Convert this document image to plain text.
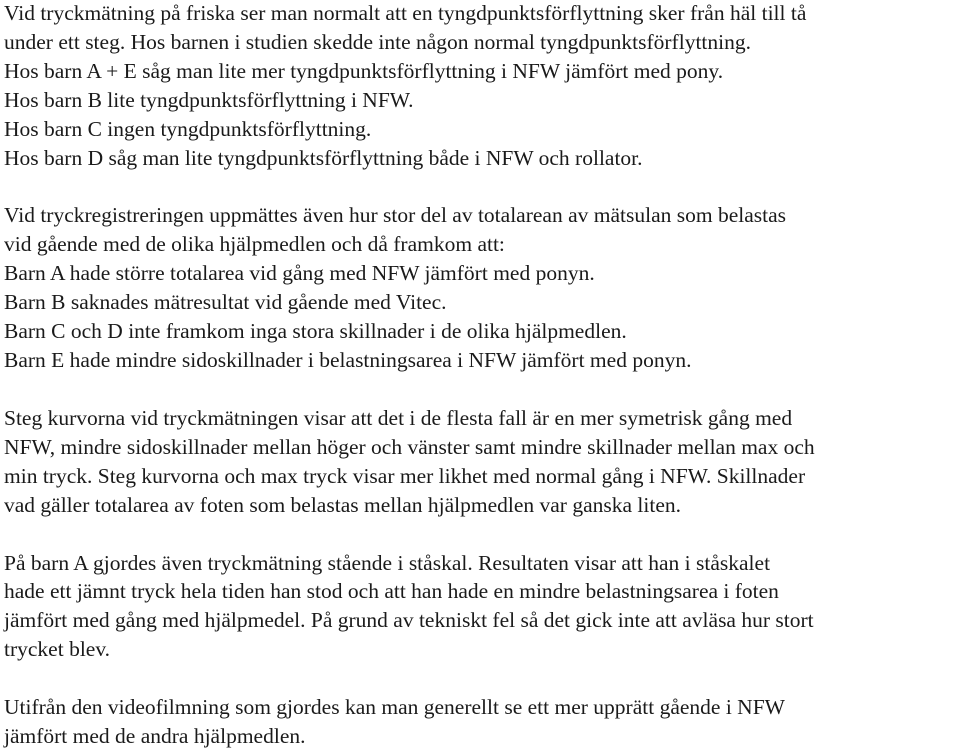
Vid tryckmätning på friska ser man normalt att en tyngdpunktsförflyttning sker från häl till tå
under ett steg. Hos barnen i studien skedde inte någon normal tyngdpunktsförflyttning.
Hos barn A + E såg man lite mer tyngdpunktsförflyttning i NFW jämfört med pony.
Hos barn B lite tyngdpunktsförflyttning i NFW.
Hos barn C ingen tyngdpunktsförflyttning.
Hos barn D såg man lite tyngdpunktsförflyttning både i NFW och rollator.

Vid tryckregistreringen uppmättes även hur stor del av totalarean av mätsulan som belastas
vid gående med de olika hjälpmedlen och då framkom att:
Barn A hade större totalarea vid gång med NFW jämfört med ponyn.
Barn B saknades mätresultat vid gående med Vitec.
Barn C och D inte framkom inga stora skillnader i de olika hjälpmedlen.
Barn E hade mindre sidoskillnader i belastningsarea i NFW jämfört med ponyn.

Steg kurvorna vid tryckmätningen visar att det i de flesta fall är en mer symetrisk gång med
NFW, mindre sidoskillnader mellan höger och vänster samt mindre skillnader mellan max och
min tryck. Steg kurvorna och max tryck visar mer likhet med normal gång i NFW. Skillnader
vad gäller totalarea av foten som belastas mellan hjälpmedlen var ganska liten.

På barn A gjordes även tryckmätning stående i ståskal. Resultaten visar att han i ståskalet
hade ett jämnt tryck hela tiden han stod och att han hade en mindre belastningsarea i foten
jämfört med gång med hjälpmedel. På grund av tekniskt fel så det gick inte att avläsa hur stort
trycket blev.

Utifrån den videofilmning som gjordes kan man generellt se ett mer upprätt gående i NFW
jämfört med de andra hjälpmedlen.
